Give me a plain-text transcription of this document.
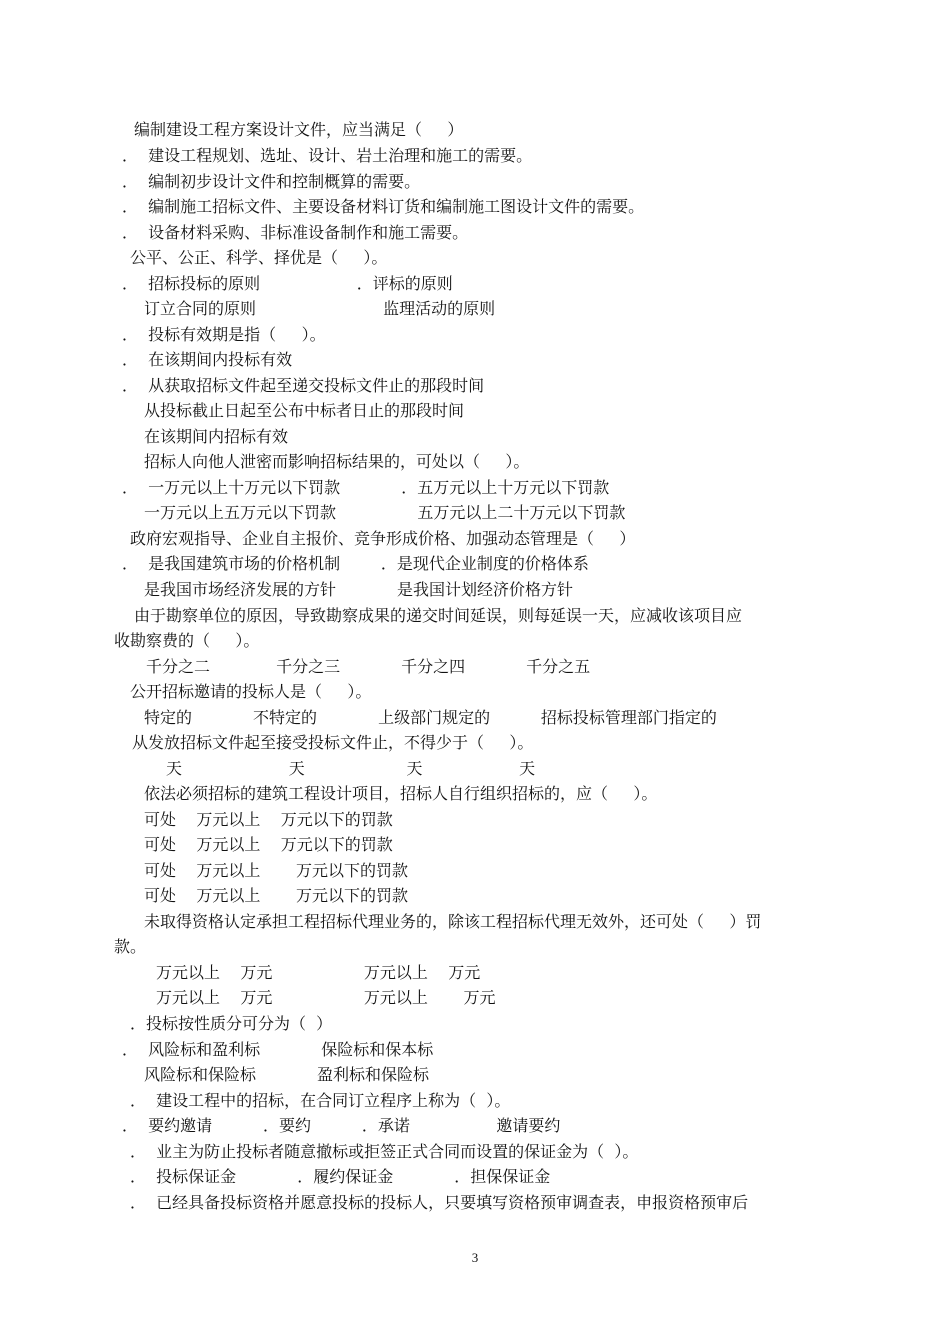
编制建设工程方案设计文件，应当满足（     ）
．  建设工程规划、选址、设计、岩土治理和施工的需要。
．  编制初步设计文件和控制概算的需要。
．  编制施工招标文件、主要设备材料订货和编制施工图设计文件的需要。
．  设备材料采购、非标准设备制作和施工需要。
公平、公正、科学、择优是（     ）。
．  招标投标的原则                   ．评标的原则
订立合同的原则                         监理活动的原则
．  投标有效期是指（     ）。
．  在该期间内投标有效
．  从获取招标文件起至递交投标文件止的那段时间
从投标截止日起至公布中标者日止的那段时间
在该期间内招标有效
招标人向他人泄密而影响招标结果的，可处以（     ）。
．  一万元以上十万元以下罚款            ．五万元以上十万元以下罚款
一万元以上五万元以下罚款                五万元以上二十万元以下罚款
政府宏观指导、企业自主报价、竞争形成价格、加强动态管理是（     ）
．  是我国建筑市场的价格机制        ．是现代企业制度的价格体系
是我国市场经济发展的方针            是我国计划经济价格方针
由于勘察单位的原因，导致勘察成果的递交时间延误，则每延误一天，应减收该项目应
收勘察费的（     ）。
千分之二             千分之三            千分之四            千分之五
公开招标邀请的投标人是（     ）。
特定的            不特定的            上级部门规定的          招标投标管理部门指定的
从发放招标文件起至接受投标文件止，不得少于（     ）。
天                     天                    天                   天
依法必须招标的建筑工程设计项目，招标人自行组织招标的，应（     ）。
可处    万元以上    万元以下的罚款
可处    万元以上    万元以下的罚款
可处    万元以上       万元以下的罚款
可处    万元以上       万元以下的罚款
未取得资格认定承担工程招标代理业务的，除该工程招标代理无效外，还可处（     ）罚
款。
万元以上    万元                  万元以上    万元
万元以上    万元                  万元以上       万元
．投标按性质分可分为（  ）
．  风险标和盈利标            保险标和保本标
风险标和保险标            盈利标和保险标
．  建设工程中的招标，在合同订立程序上称为（  ）。
．  要约邀请          ．要约          ．承诺                 邀请要约
．  业主为防止投标者随意撤标或拒签正式合同而设置的保证金为（  ）。
．  投标保证金            ．履约保证金            ．担保保证金
．  已经具备投标资格并愿意投标的投标人，只要填写资格预审调查表，申报资格预审后
3
